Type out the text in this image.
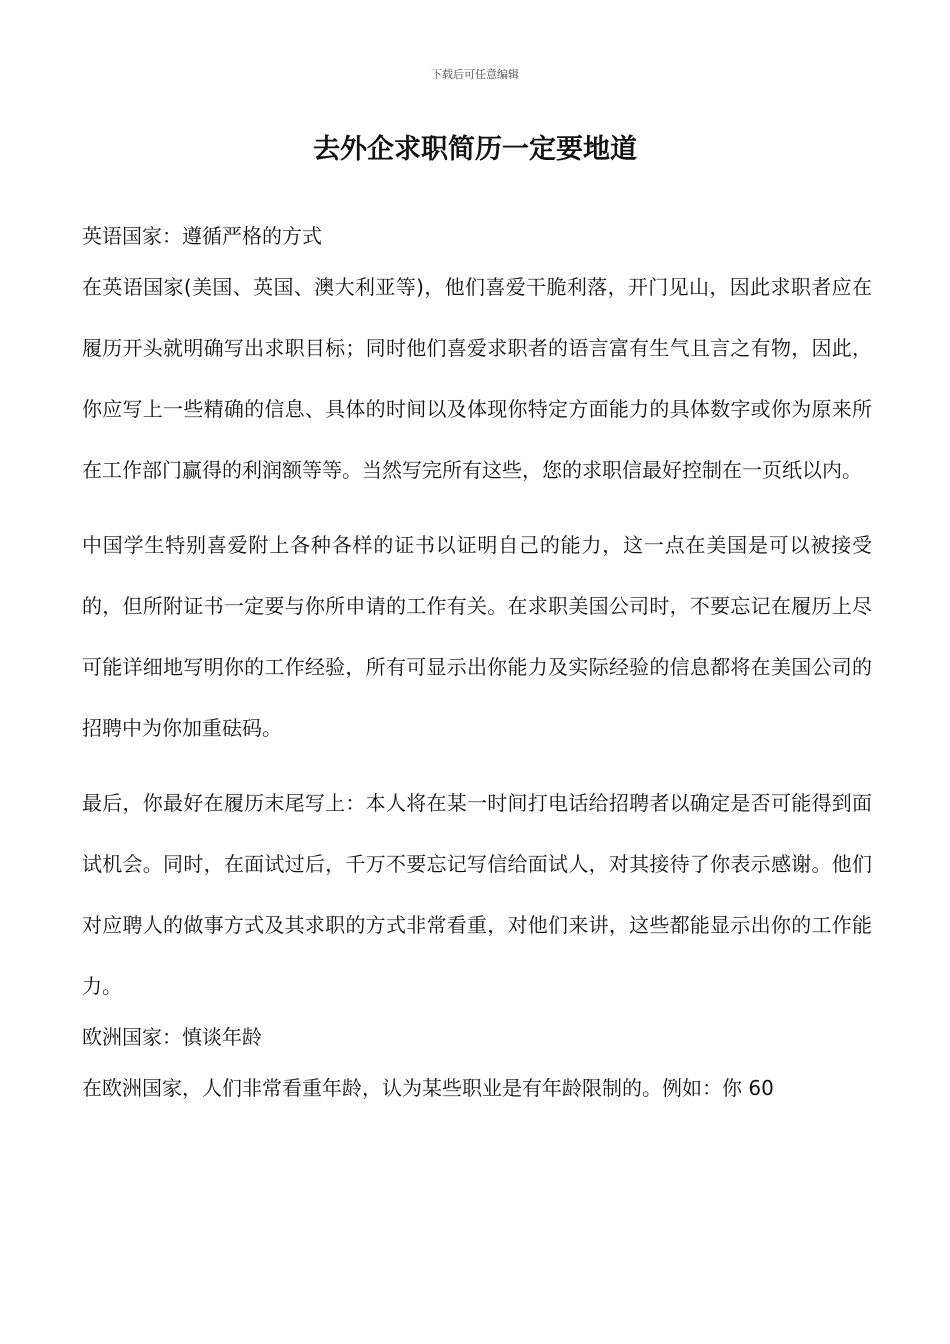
下载后可任意编辑
去外企求职简历一定要地道

英语国家：遵循严格的方式

在英语国家(美国、英国、澳大利亚等)，他们喜爱干脆利落，开门见山，因此求职者应在履历开头就明确写出求职目标；同时他们喜爱求职者的语言富有生气且言之有物，因此，你应写上一些精确的信息、具体的时间以及体现你特定方面能力的具体数字或你为原来所在工作部门赢得的利润额等等。当然写完所有这些，您的求职信最好控制在一页纸以内。

中国学生特别喜爱附上各种各样的证书以证明自己的能力，这一点在美国是可以被接受的，但所附证书一定要与你所申请的工作有关。在求职美国公司时，不要忘记在履历上尽可能详细地写明你的工作经验，所有可显示出你能力及实际经验的信息都将在美国公司的招聘中为你加重砝码。

最后，你最好在履历末尾写上：本人将在某一时间打电话给招聘者以确定是否可能得到面试机会。同时，在面试过后，千万不要忘记写信给面试人，对其接待了你表示感谢。他们对应聘人的做事方式及其求职的方式非常看重，对他们来讲，这些都能显示出你的工作能力。

欧洲国家：慎谈年龄

在欧洲国家，人们非常看重年龄，认为某些职业是有年龄限制的。例如：你 60
